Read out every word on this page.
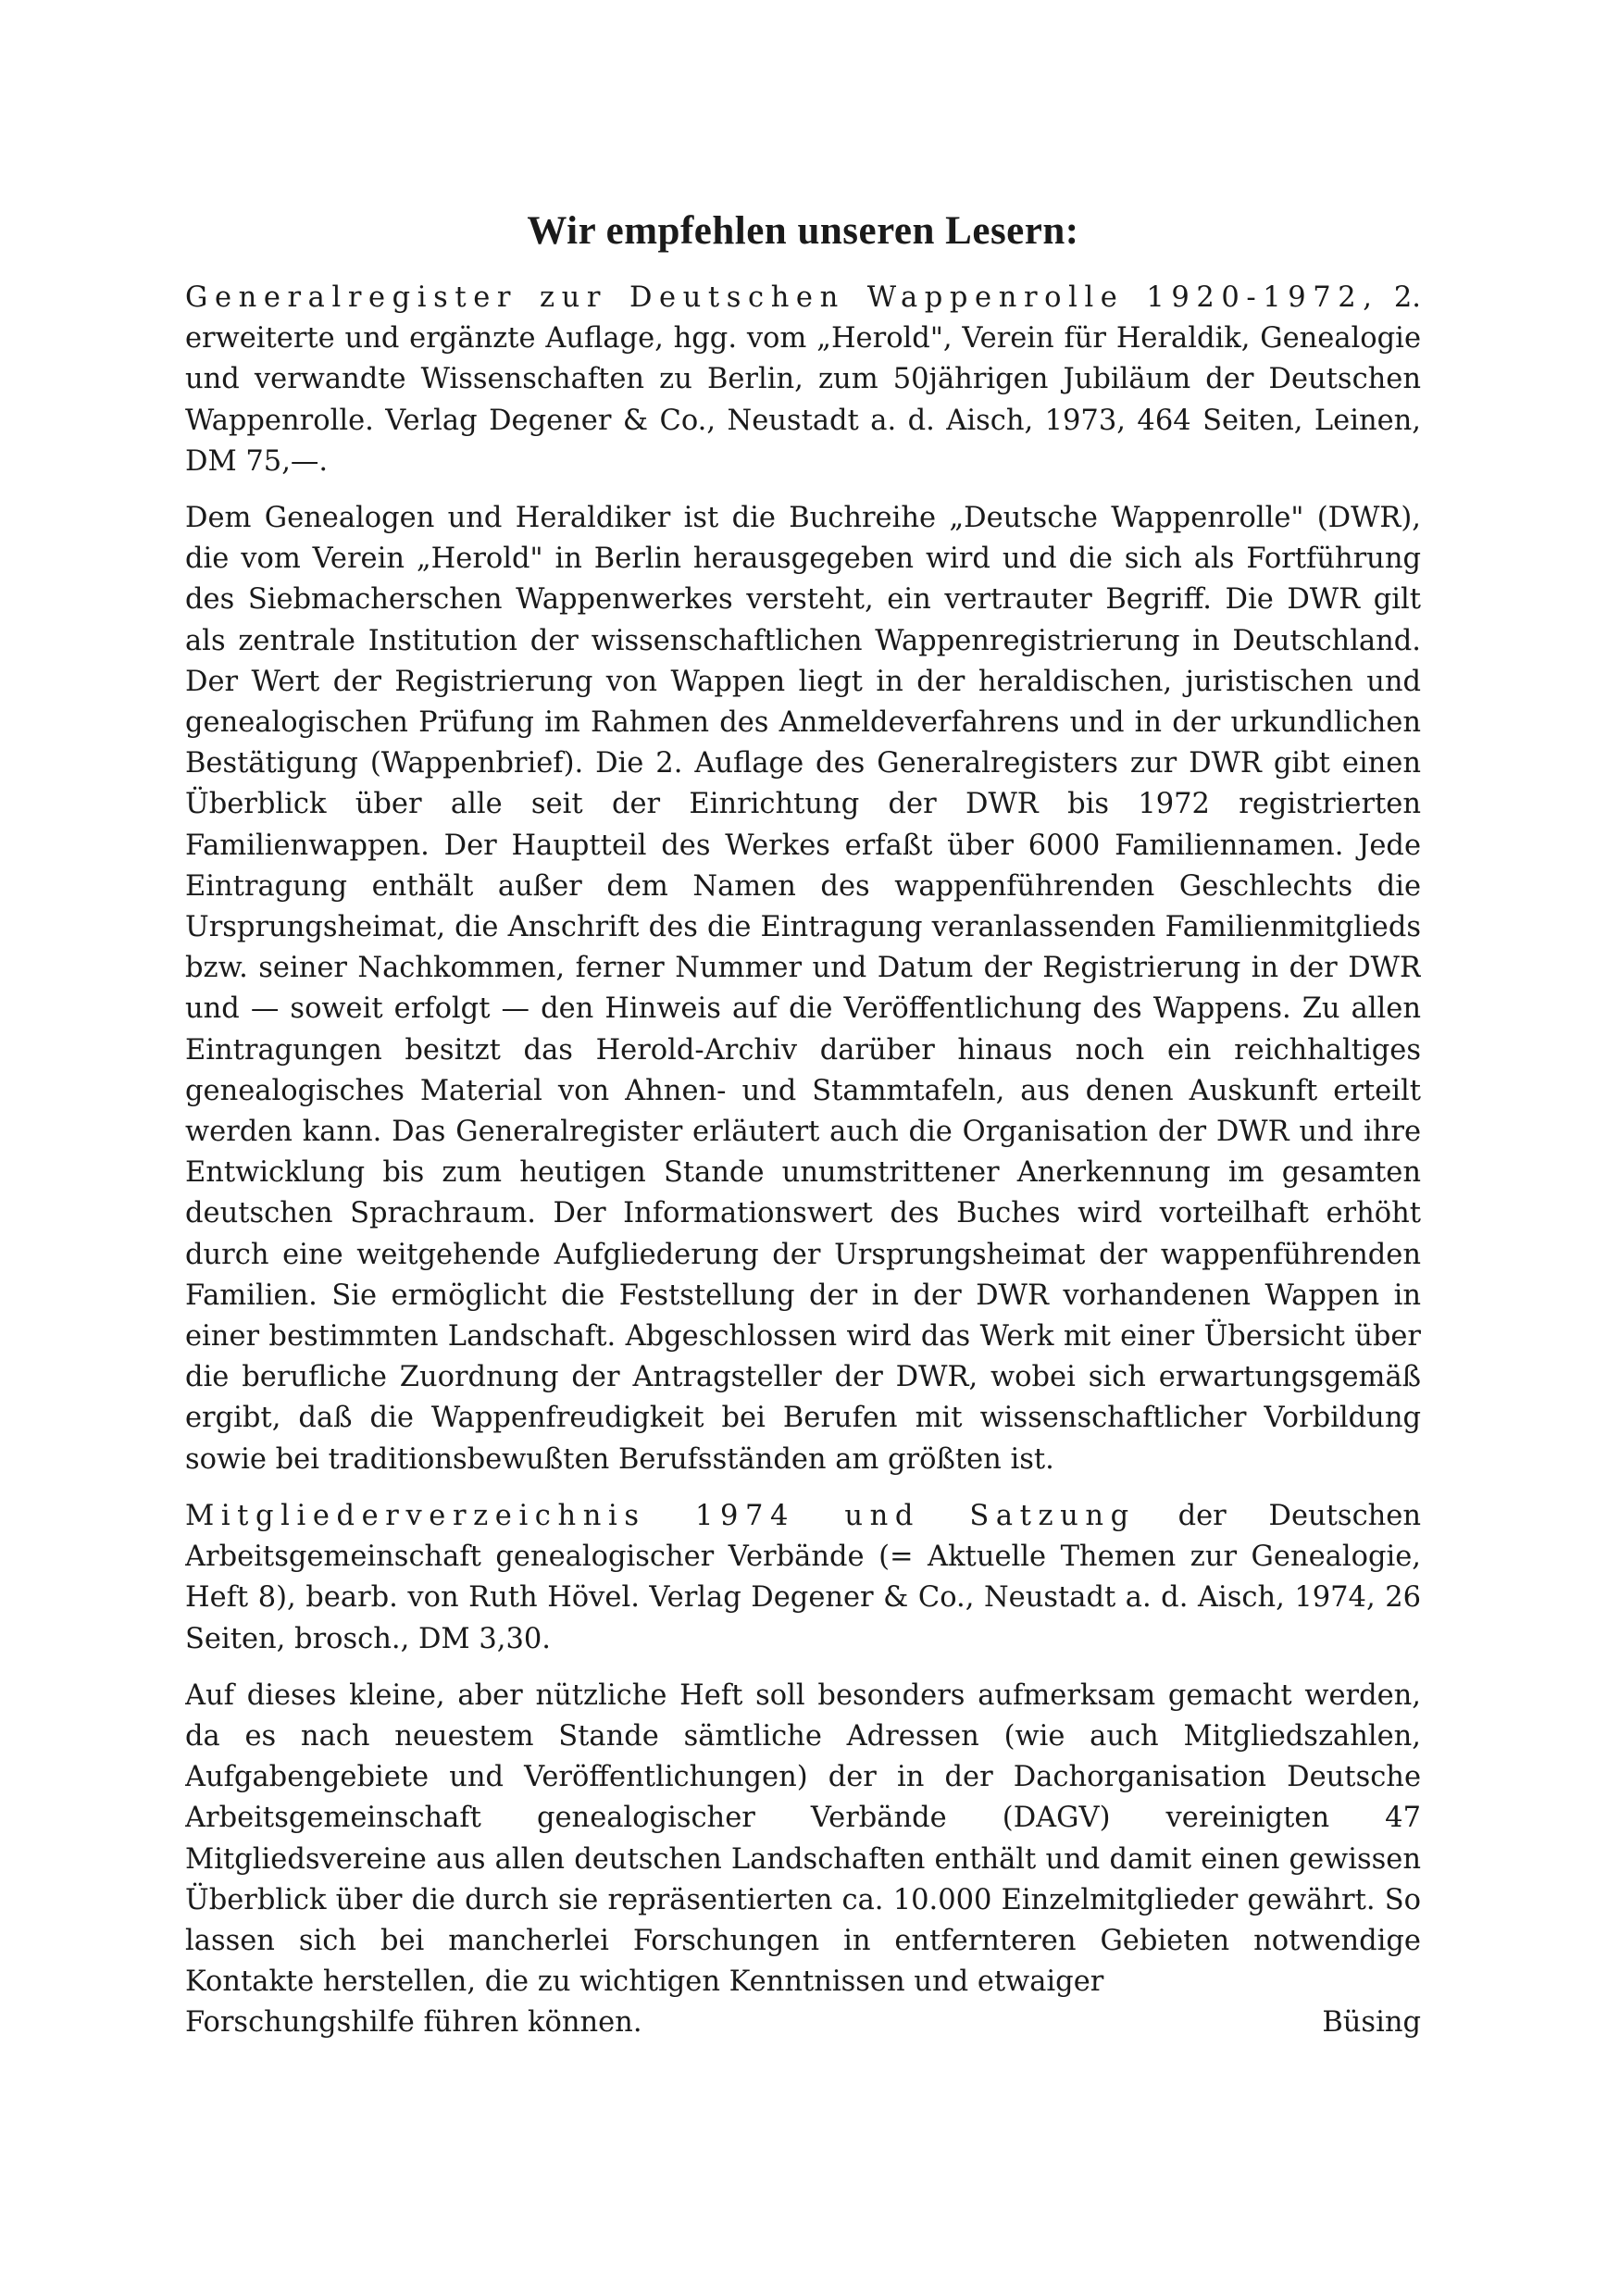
Wir empfehlen unseren Lesern:

Generalregister zur Deutschen Wappenrolle 1920-1972, 2. erweiterte und ergänzte Auflage, hgg. vom „Herold", Verein für Heraldik, Genealogie und verwandte Wissenschaften zu Berlin, zum 50jährigen Jubiläum der Deutschen Wappenrolle. Verlag Degener & Co., Neustadt a. d. Aisch, 1973, 464 Seiten, Leinen, DM 75,—.

Dem Genealogen und Heraldiker ist die Buchreihe „Deutsche Wappenrolle" (DWR), die vom Verein „Herold" in Berlin herausgegeben wird und die sich als Fortführung des Siebmacherschen Wappenwerkes versteht, ein vertrauter Begriff. Die DWR gilt als zentrale Institution der wissenschaftlichen Wappenregistrierung in Deutschland. Der Wert der Registrierung von Wappen liegt in der heraldischen, juristischen und genealogischen Prüfung im Rahmen des Anmeldeverfahrens und in der urkundlichen Bestätigung (Wappenbrief). Die 2. Auflage des Generalregisters zur DWR gibt einen Überblick über alle seit der Einrichtung der DWR bis 1972 registrierten Familienwappen. Der Hauptteil des Werkes erfaßt über 6000 Familiennamen. Jede Eintragung enthält außer dem Namen des wappenführenden Geschlechts die Ursprungsheimat, die Anschrift des die Eintragung veranlassenden Familienmitglieds bzw. seiner Nachkommen, ferner Nummer und Datum der Registrierung in der DWR und — soweit erfolgt — den Hinweis auf die Veröffentlichung des Wappens. Zu allen Eintragungen besitzt das Herold-Archiv darüber hinaus noch ein reichhaltiges genealogisches Material von Ahnen- und Stammtafeln, aus denen Auskunft erteilt werden kann. Das Generalregister erläutert auch die Organisation der DWR und ihre Entwicklung bis zum heutigen Stande unumstrittener Anerkennung im gesamten deutschen Sprachraum. Der Informationswert des Buches wird vorteilhaft erhöht durch eine weitgehende Aufgliederung der Ursprungsheimat der wappenführenden Familien. Sie ermöglicht die Feststellung der in der DWR vorhandenen Wappen in einer bestimmten Landschaft. Abgeschlossen wird das Werk mit einer Übersicht über die berufliche Zuordnung der Antragsteller der DWR, wobei sich erwartungsgemäß ergibt, daß die Wappenfreudigkeit bei Berufen mit wissenschaftlicher Vorbildung sowie bei traditionsbewußten Berufsständen am größten ist.

Mitgliederverzeichnis 1974 und Satzung der Deutschen Arbeitsgemeinschaft genealogischer Verbände (= Aktuelle Themen zur Genealogie, Heft 8), bearb. von Ruth Hövel. Verlag Degener & Co., Neustadt a. d. Aisch, 1974, 26 Seiten, brosch., DM 3,30.

Auf dieses kleine, aber nützliche Heft soll besonders aufmerksam gemacht werden, da es nach neuestem Stande sämtliche Adressen (wie auch Mitgliedszahlen, Aufgabengebiete und Veröffentlichungen) der in der Dachorganisation Deutsche Arbeitsgemeinschaft genealogischer Verbände (DAGV) vereinigten 47 Mitgliedsvereine aus allen deutschen Landschaften enthält und damit einen gewissen Überblick über die durch sie repräsentierten ca. 10.000 Einzelmitglieder gewährt. So lassen sich bei mancherlei Forschungen in entfernteren Gebieten notwendige Kontakte herstellen, die zu wichtigen Kenntnissen und etwaiger

Forschungshilfe führen können.	Büsing
